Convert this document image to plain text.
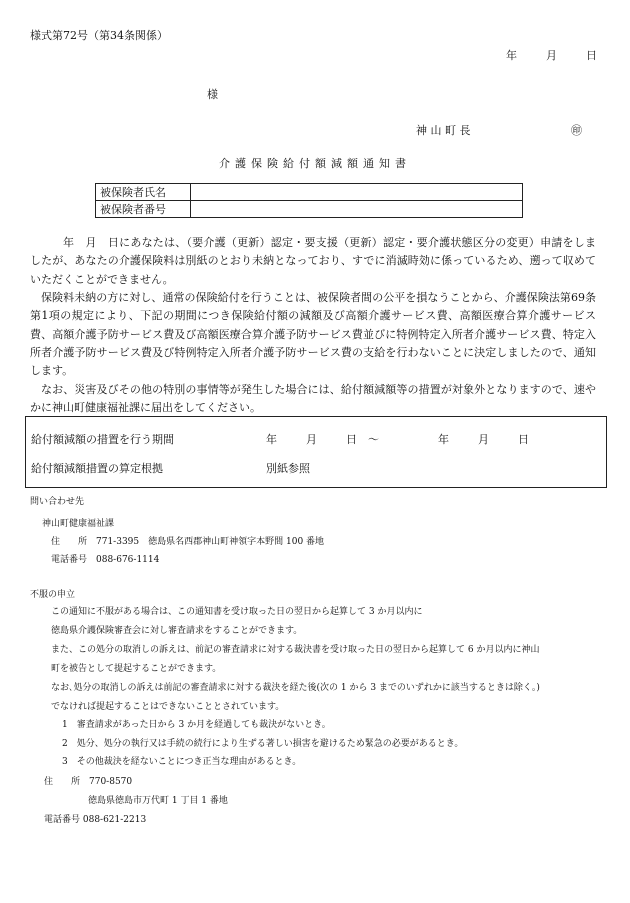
様式第72号（第34条関係）
年	月	日
様
神 山 町 長	㊞
介護保険給付額減額通知書
被保険者氏名	
被保険者番号	
年　月　日にあなたは、（要介護（更新）認定・要支援（更新）認定・要介護状態区分の変更）申請をしましたが、あなたの介護保険料は別紙のとおり未納となっており、すでに消滅時効に係っているため、遡って収めていただくことができません。
保険料未納の方に対し、通常の保険給付を行うことは、被保険者間の公平を損なうことから、介護保険法第69条第1項の規定により、下記の期間につき保険給付額の減額及び高額介護サービス費、高額医療合算介護サービス費、高額介護予防サービス費及び高額医療合算介護予防サービス費並びに特例特定入所者介護サービス費、特定入所者介護予防サービス費及び特例特定入所者介護予防サービス費の支給を行わないことに決定しましたので、通知します。
なお、災害及びその他の特別の事情等が発生した場合には、給付額減額等の措置が対象外となりますので、速やかに神山町健康福祉課に届出をしてください。
給付額減額の措置を行う期間	年	月	日 ～	年	月	日
給付額減額措置の算定根拠	別紙参照
問い合わせ先
神山町健康福祉課
住　　所　771-3395　徳島県名西郡神山町神領字本野間 100 番地
電話番号　088-676-1114
不服の申立
この通知に不服がある場合は、この通知書を受け取った日の翌日から起算して 3 か月以内に
徳島県介護保険審査会に対し審査請求をすることができます。
また、この処分の取消しの訴えは、前記の審査請求に対する裁決書を受け取った日の翌日から起算して 6 か月以内に神山
町を被告として提起することができます。
なお､処分の取消しの訴えは前記の審査請求に対する裁決を経た後(次の 1 から 3 までのいずれかに該当するときは除く｡)
でなければ提起することはできないこととされています。
1　審査請求があった日から 3 か月を経過しても裁決がないとき。
2　処分、処分の執行又は手続の続行により生ずる著しい損害を避けるため緊急の必要があるとき。
3　その他裁決を経ないことにつき正当な理由があるとき。
住　　所　770-8570
徳島県徳島市万代町 1 丁目 1 番地
電話番号 088-621-2213
